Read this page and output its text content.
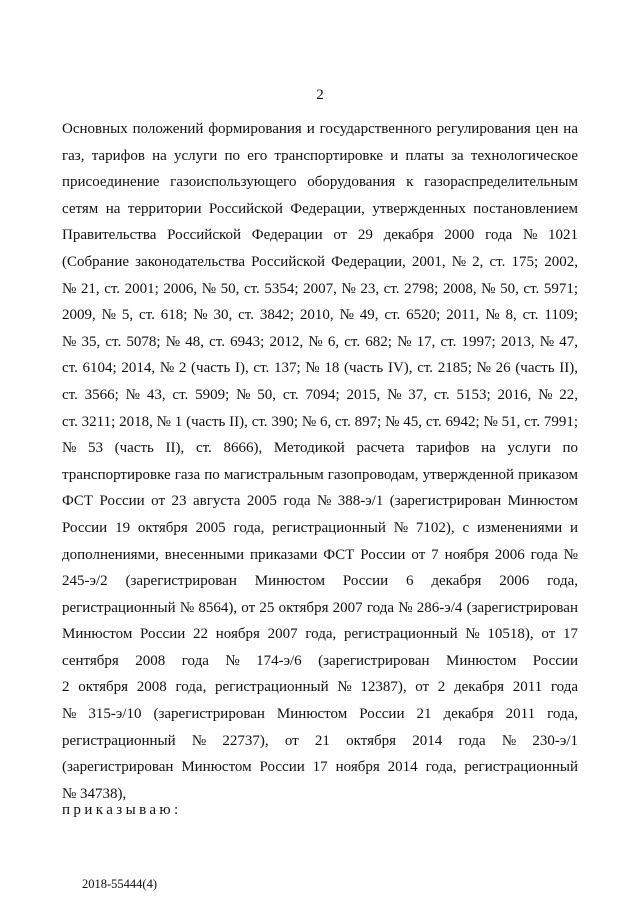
2
Основных положений формирования и государственного регулирования цен на
газ, тарифов на услуги по его транспортировке и платы за технологическое
присоединение газоиспользующего оборудования к газораспределительным
сетям на территории Российской Федерации, утвержденных постановлением
Правительства Российской Федерации от 29 декабря 2000 года № 1021
(Собрание законодательства Российской Федерации, 2001, № 2, ст. 175; 2002,
№ 21, ст. 2001; 2006, № 50, ст. 5354; 2007, № 23, ст. 2798; 2008, № 50, ст. 5971;
2009, № 5, ст. 618; № 30, ст. 3842; 2010, № 49, ст. 6520; 2011, № 8, ст. 1109;
№ 35, ст. 5078; № 48, ст. 6943; 2012, № 6, ст. 682; № 17, ст. 1997; 2013, № 47,
ст. 6104; 2014, № 2 (часть I), ст. 137; № 18 (часть IV), ст. 2185; № 26 (часть II),
ст. 3566; № 43, ст. 5909; № 50, ст. 7094; 2015, № 37, ст. 5153; 2016, № 22,
ст. 3211; 2018, № 1 (часть II), ст. 390; № 6, ст. 897; № 45, ст. 6942; № 51, ст. 7991;
№ 53 (часть II), ст. 8666), Методикой расчета тарифов на услуги по
транспортировке газа по магистральным газопроводам, утвержденной приказом
ФСТ России от 23 августа 2005 года № 388-э/1 (зарегистрирован Минюстом
России 19 октября 2005 года, регистрационный № 7102), с изменениями и
дополнениями, внесенными приказами ФСТ России от 7 ноября 2006 года №
245-э/2 (зарегистрирован Минюстом России 6 декабря 2006 года,
регистрационный № 8564), от 25 октября 2007 года № 286-э/4 (зарегистрирован
Минюстом России 22 ноября 2007 года, регистрационный № 10518), от 17
сентября 2008 года № 174-э/6 (зарегистрирован Минюстом России
2 октября 2008 года, регистрационный № 12387), от 2 декабря 2011 года
№ 315-э/10 (зарегистрирован Минюстом России 21 декабря 2011 года,
регистрационный № 22737), от 21 октября 2014 года № 230-э/1
(зарегистрирован Минюстом России 17 ноября 2014 года, регистрационный
№ 34738),
приказываю:
2018-55444(4)
